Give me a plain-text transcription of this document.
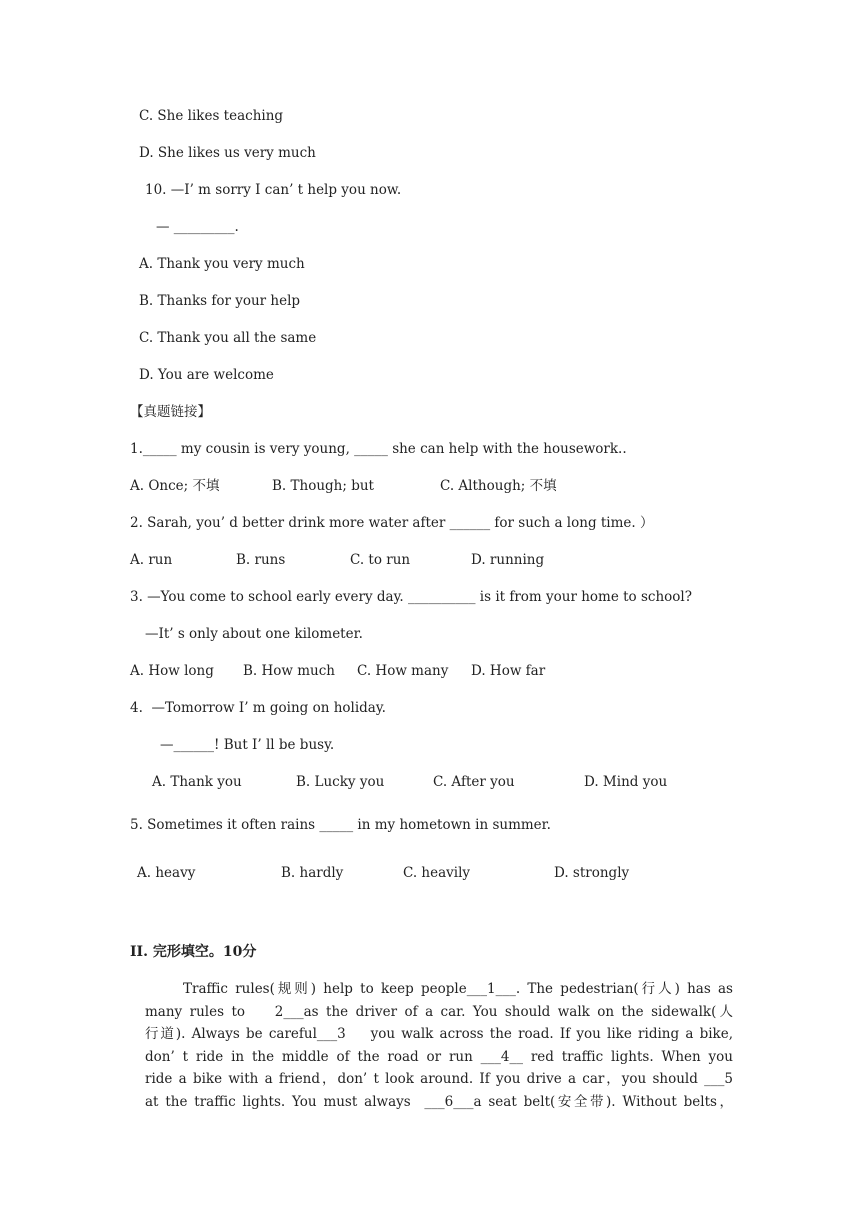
C. She likes teaching
D. She likes us very much
10. —I’ m sorry I can’ t help you now.
— _________.
A. Thank you very much
B. Thanks for your help
C. Thank you all the same
D. You are welcome
【真题链接】
1._____ my cousin is very young, _____ she can help with the housework..
A. Once; 不填	B. Though; but	C. Although; 不填
2. Sarah, you’ d better drink more water after ______ for such a long time. ）
A. run	B. runs	C. to run	D. running
3. —You come to school early every day. __________ is it from your home to school?
—It’ s only about one kilometer.
A. How long B. How much C. How many D. How far
4.  —Tomorrow I’ m going on holiday.
—______! But I’ ll be busy.
A. Thank you	B. Lucky you	C. After you	D. Mind you
5. Sometimes it often rains _____ in my hometown in summer.
A. heavy	B. hardly	C. heavily	D. strongly
II. 完形填空。10分
Traffic rules(规则) help to keep people___1___. The pedestrian(行人) has as
many rules to    2___as the driver of a car. You should walk on the sidewalk(人
行道). Always be careful___3    you walk across the road. If you like riding a bike,
don’ t ride in the middle of the road or run ___4__ red traffic lights. When you
ride a bike with a friend，don’ t look around. If you drive a car，you should ___5
at the traffic lights. You must always  ___6___a seat belt(安全带). Without belts，
